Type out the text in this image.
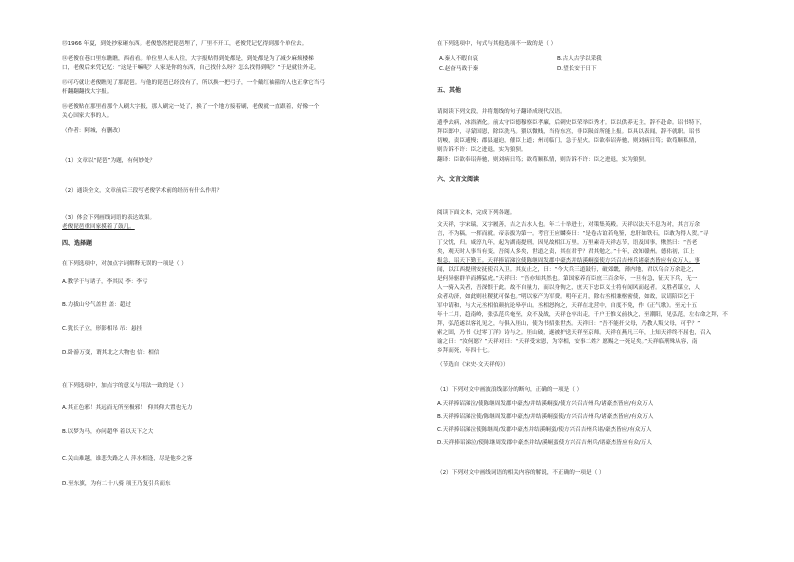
⑬1966 年夏，到处抄家砸东西。老俊悠然把琵琶埋了，厂里不开工，老俊凭记忆得到那个单位去。
⑭老俊在巷口里东瞧瞧，西看看。单位里人未人往，大字报贴得到处都是，到处都是为了减少麻烦楼梯
口，老俊后来凭记忆：“这是干嘛呢？人家是你的东西，自己找什么呀？怎么找得到呢？”于是就往外走。
⑮可巧就让老俊瞧见了那琵琶。与他的琵琶已经没有了，所以换一把弓子，一个戴红袖箍的人也正拿它当弓
杆翻翻翻找大字报。
⑯老俊贴在那里看那个人刷大字报，那人刷完一处了，换了一个地方接着刷，老俊就一直跟着，好像一个
关心国家大事的人。
（作者：阿城，有删改）
（1）文章以“琵琶”为题，有何妙处？
（2）通读全文，文章前后三段写老俊学术前的经历有什么作用？
（3）体会下列画线词语的表达效果。
老俊琵琶重回家摸着了鼓几。
四、选择题
在下列选项中，对加点字词解释无误的一项是（ ）
A.教学于与诸子，李其民 李：李亏
B.力拔山兮气盖世 盖：超过
C.犹长子立，形影相吊 吊：悬挂
D.卧游万变，谓其北之大物也 信：相信
在下列选项中，加点字的意义与用法一致的是（ ）
A.其正色邪！其远而无所至极邪！ 仰其仰大置也无力
B.以梦为马，亦问超华 着以天下之大
C.关山难越，谁悲失路之人 萍水相逢，尽是他乡之客
D.至东旗，为有二十八骑 项王乃复引兵而东
在下列选项中，句式与其他选项不一致的是（ ）
A.秦人不暇自哀	B.古人古学以采我
C.赵奋马战于秦	D.望长安于日下
五、其他
请阅读下列文段，并将划线的句子翻译成现代汉语。
遗季去病，冰浴酒化。前太守臣德穆察臣孝廉，后刺史臣荣举臣秀才。臣以供养无主，辞不赴命。诏书特下，
拜臣郎中，寻蒙国恩，除臣洗马。猥以微贱，当侍东宫，非臣陨首所能上报。臣具以表闻，辞不就职。诏书
切峻，责臣逋慢；郡县逼迫，催臣上道；州司临门，急于星火。臣欲奉诏奔驰，则刘病日笃；欲苟顺私情，
则告诉不许：臣之进退，实为狼狈。
翻译：臣欲奉诏奔驰，则刘病日笃；欲苟顺私情，则告诉不许：臣之进退，实为狼狈。
六、文言文阅读
阅读下面文本，完成下列各题。
文天祥，字宋瑞，又字履善，吉之吉水人也。年二十举进士，对策集英殿。天祥以法天不息为对，其言万余
言，不为稿，一挥而就。帝亲拔为第一。考官王应麟奏曰：“是卷古谊若龟鉴，忠肝如铁石，臣敢为得人贺。”寻
丁父忧，归。咸淳九年，起为湖南提刑，因见故相江万里。万里素奇天祥志节，语及国事，愀然曰：“吾老
矣，观天时人事当有变，吾阅人多矣，世道之责，其在君乎？君其勉之。”十年，改知赣州。德佑初，江上
报急，诏天下勤王。天祥捧诏涕泣使陈继周发郡中豪杰并结溪峒蛮使方兴召吉州兵诸豪杰皆应有众万人。事
闻，以江西提刑安抚使召入卫。其友止之，曰：“今大兵三道鼓行，破郊畿，薄内地，君以乌合万余赴之，
是何异驱群羊而搏猛虎。”天祥曰：“吾亦知其然也。第国家养育臣庶三百余年，一旦有急，征天下兵，无一
人一骑入关者，吾深恨于此。故不自量力，而以身徇之，庶天下忠臣义士将有闻风而起者。义胜者谋立，人
众者功济，如此则社稷犹可保也。”明以家产为军费。明年正月，除右丞相兼枢密使，如故，议请陪臣乞于
军中请和，与大元丞相伯颜抗论皋亭山。丞相怒拘之，天祥在北营中，自度不免，作《正气歌》。至元十五
年十二月，趋南岭，张弘范兵奄至，众不及战，天祥仓卒出走，千户王惟义前执之，至潮阳，见弘范，左右命之拜，不
拜，弘范遂以客礼见之，与俱入厓山，使为书招张世杰。天祥曰：“吾不能扞父母，乃教人叛父母，可乎？”
索之固，乃书《过零丁洋》诗与之。厓山破，遂被护送天祥至京师。天祥在燕凡三年，上知天祥终不屈也，召入
谕之曰：“汝何愿？”天祥对曰：“天祥受宋恩，为宰相，安事二姓？愿赐之一死足矣。”天祥临刑殊从容，南
乡拜而死，年四十七。
（节选自《宋史·文天祥传》）
（1）下列对文中画波浪线部分的断句，正确的一项是（ ）
A.天祥捧诏涕泣/使陈继周发郡中豪杰/并结溪峒蛮/使方兴召吉州兵/诸豪杰皆应/有众万人
B.天祥捧诏涕泣使/陈继周发郡中豪杰/并结溪峒蛮使/方兴召吉州兵/诸豪杰皆应/有众万人
C.天祥捧诏涕泣使陈继周/发郡中豪杰并结溪峒蛮/使方兴召吉州兵诸/豪杰皆应/有众万人
D.天祥捧诏涕泣/使陈继周发郡中豪杰并结/溪峒蛮使方兴召吉州兵/诸豪杰皆应有众/万人
（2）下列对文中画线词语的相关内容的解说，不正确的一项是（ ）
